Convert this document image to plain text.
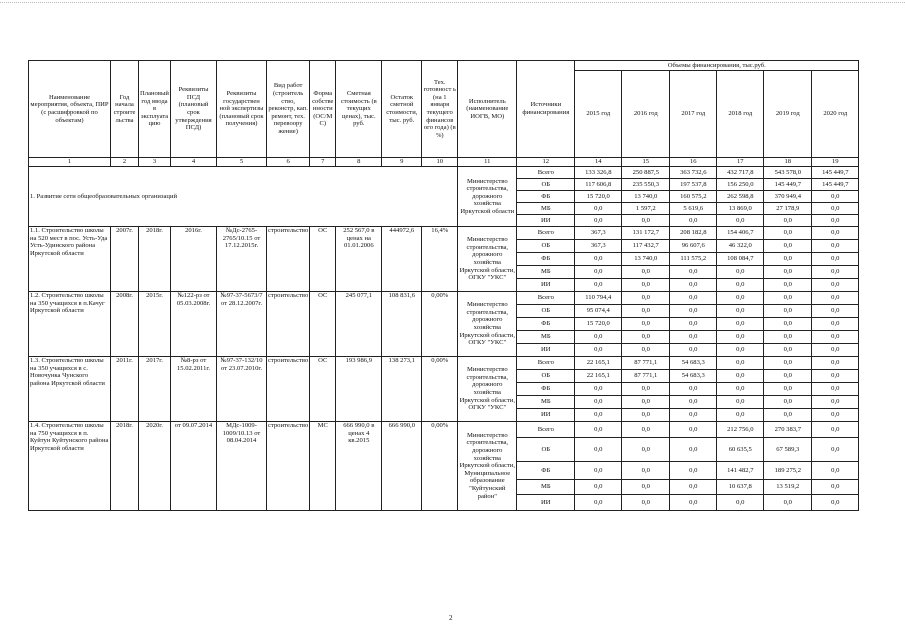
Наименование мероприятия, объекта, ПИР (с расшифровкой по объектам)	Год начала строите льства	Плановый год ввода в эксплуата цию	Реквизиты ПСД (плановый срок утверждения ПСД)	Реквизиты государствен ной экспертизы (плановый срок получения)	Вид работ (строитель ство, реконстр, кап. ремонт, тех. перевоору жение)	Форма собстве нности (ОС/М С)	Сметная стоимость (в текущих ценах), тыс. руб.	Остаток сметной стоимости, тыс. руб.	Тех. готовност ь (на 1 января текущего финансов ого года) (в %)	Исполнитель (наименование ИОГВ, МО)	Источники финансирования	Объемы финансирования, тыс.руб.					
												2015 год	2016 год	2017 год	2018 год	2019 год	2020 год
1	2	3	4	5	6	7	8	9	10	11	12	14	15	16	17	18	19
1. Развитие сети общеобразовательных организаций										Министерство строительства, дорожного хозяйства Иркутской области	Всего	133 326,8	250 887,5	363 732,6	432 717,8	543 578,0	145 449,7
											ОБ	117 606,8	235 550,3	197 537,8	156 250,0	145 449,7	145 449,7
											ФБ	15 720,0	13 740,0	160 575,2	262 598,8	370 949,4	0,0
											МБ	0,0	1 597,2	5 619,6	13 869,0	27 178,9	0,0
											ИИ	0,0	0,0	0,0	0,0	0,0	0,0
1.1. Строительство школы на 520 мест в пос. Усть-Уда Усть-Удинского района Иркутской области	2007г.	2018г.	2016г.	№Дс-2765-2765/10.15 от 17.12.2015г.	строительство	ОС	252 567,0 в ценах на 01.01.2006	444972,6	16,4%	Министерство строительства, дорожного хозяйства Иркутской области, ОГКУ "УКС"	Всего	367,3	131 172,7	208 182,8	154 406,7	0,0	0,0
											ОБ	367,3	117 432,7	96 607,6	46 322,0	0,0	0,0
											ФБ	0,0	13 740,0	111 575,2	108 084,7	0,0	0,0
											МБ	0,0	0,0	0,0	0,0	0,0	0,0
											ИИ	0,0	0,0	0,0	0,0	0,0	0,0
1.2. Строительство школы на 350 учащихся в п.Качуг Иркутской области	2008г.	2015г.	№122-рз от 05.03.2008г.	№97-37-5673/7 от 28.12.2007г.	строительство	ОС	245 077,1	108 831,6	0,00%	Министерство строительства, дорожного хозяйства Иркутской области, ОГКУ "УКС"	Всего	110 794,4	0,0	0,0	0,0	0,0	0,0
											ОБ	95 074,4	0,0	0,0	0,0	0,0	0,0
											ФБ	15 720,0	0,0	0,0	0,0	0,0	0,0
											МБ	0,0	0,0	0,0	0,0	0,0	0,0
											ИИ	0,0	0,0	0,0	0,0	0,0	0,0
1.3. Строительство школы на 350 учащихся в с. Новочунка Чунского района Иркутской области	2011г.	2017г.	№8-рз от 15.02.2011г.	№97-37-132/10 от 23.07.2010г.	строительство	ОС	193 986,9	138 273,1	0,00%	Министерство строительства, дорожного хозяйства Иркутской области, ОГКУ "УКС"	Всего	22 165,1	87 771,1	54 683,3	0,0	0,0	0,0
											ОБ	22 165,1	87 771,1	54 683,3	0,0	0,0	0,0
											ФБ	0,0	0,0	0,0	0,0	0,0	0,0
											МБ	0,0	0,0	0,0	0,0	0,0	0,0
											ИИ	0,0	0,0	0,0	0,0	0,0	0,0
1.4. Строительство школы на 750 учащихся в п. Куйтун Куйтунского района Иркутской области	2018г.	2020г.	от 09.07.2014	МДс-1009-1009/10.13 от 08.04.2014	строительство	МС	666 990,0 в ценах 4 кв.2015	666 990,0	0,00%	Министерство строительства, дорожного хозяйства Иркутской области, Муниципальное образование "Куйтунский район"	Всего	0,0	0,0	0,0	212 756,0	270 383,7	0,0
											ОБ	0,0	0,0	0,0	60 635,5	67 589,3	0,0
											ФБ	0,0	0,0	0,0	141 482,7	189 275,2	0,0
											МБ	0,0	0,0	0,0	10 637,8	13 519,2	0,0
											ИИ	0,0	0,0	0,0	0,0	0,0	0,0
2
